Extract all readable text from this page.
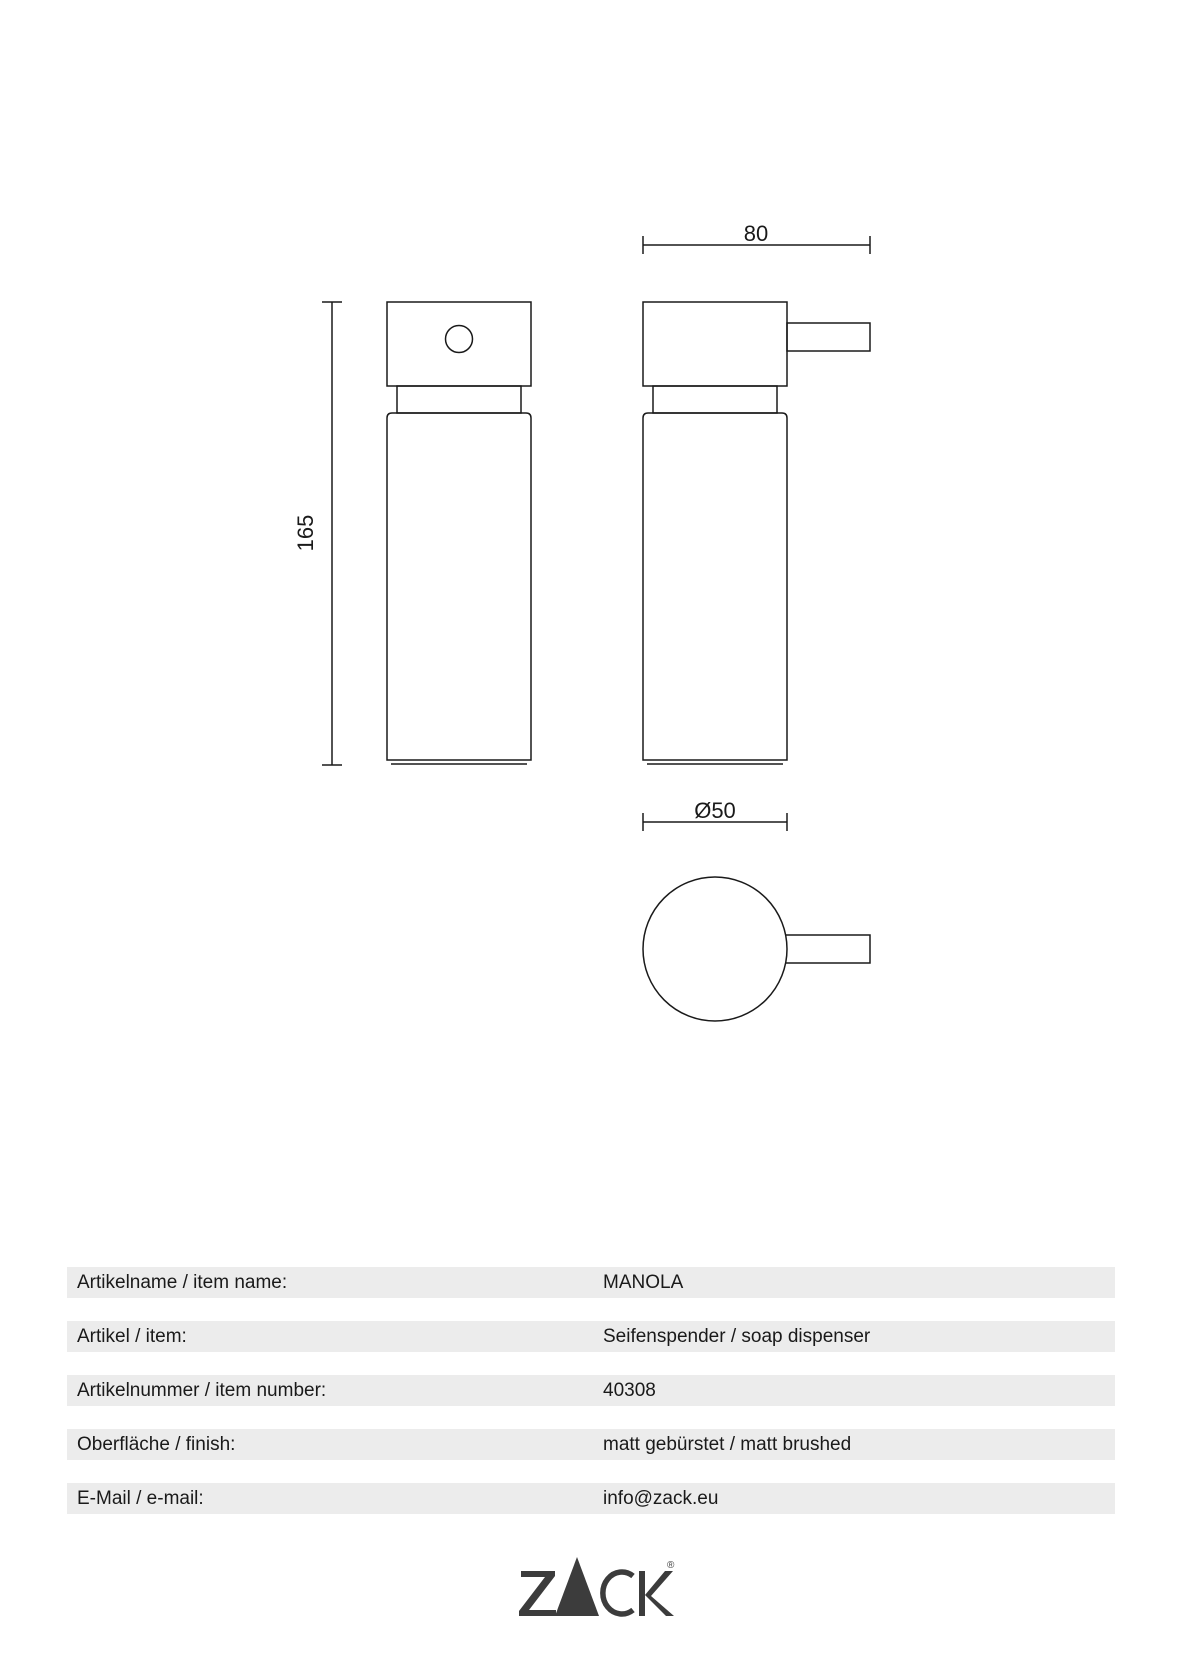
165
80
Ø50
Artikelname / item name:	MANOLA
Artikel / item:	Seifenspender / soap dispenser
Artikelnummer / item number:	40308
Oberfläche / finish:	matt gebürstet / matt brushed
E-Mail / e-mail:	info@zack.eu
®
